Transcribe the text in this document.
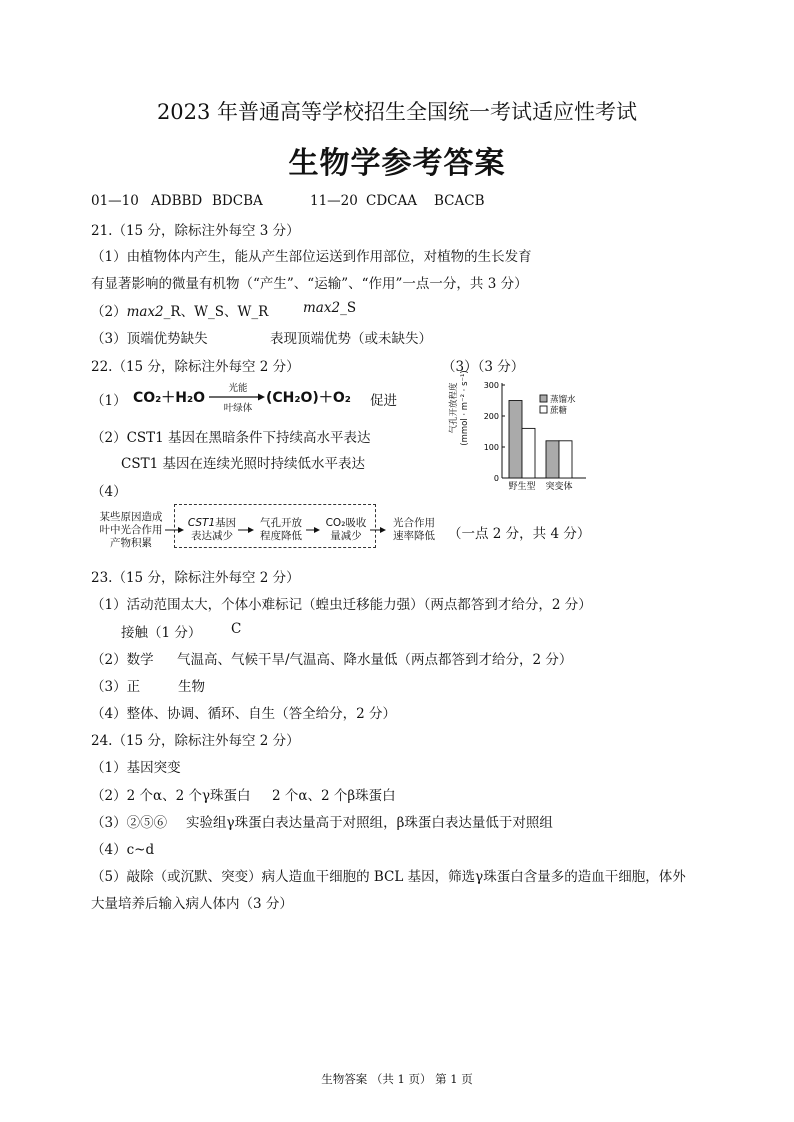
2023 年普通高等学校招生全国统一考试适应性考试
生物学参考答案
01—10 ADBBD BDCBA	11—20 CDCAA BCACB
21.（15 分，除标注外每空 3 分）
（1）由植物体内产生，能从产生部位运送到作用部位，对植物的生长发育
有显著影响的微量有机物（“产生”、“运输”、“作用”一点一分，共 3 分）
（2）max2_R、W_S、W_R	max2_S
（3）顶端优势缺失	表现顶端优势（或未缺失）
22.（15 分，除标注外每空 2 分）	（3）（3 分）
（1） CO₂＋H₂O
光能
叶绿体
(CH₂O)＋O₂ 促进
（2）CST1 基因在黑暗条件下持续高水平表达
CST1 基因在连续光照时持续低水平表达
（4）
0
100
200
300
野生型 突变体
蒸馏水
蔗糖
气孔开放程度 (mmol · m⁻² · s⁻¹)
某些原因造成
叶中光合作用
产物积累
CST1基因
表达减少
气孔开放
程度降低
CO₂吸收
量减少
光合作用
速率降低 （一点 2 分，共 4 分）
23.（15 分，除标注外每空 2 分）
（1）活动范围太大，个体小难标记（蝗虫迁移能力强）（两点都答到才给分，2 分）
接触（1 分） C
（2）数学 气温高、气候干旱/气温高、降水量低（两点都答到才给分，2 分）
（3）正	生物
（4）整体、协调、循环、自生（答全给分，2 分）
24.（15 分，除标注外每空 2 分）
（1）基因突变
（2）2 个α、2 个γ珠蛋白 2 个α、2 个β珠蛋白
（3）②⑤⑥ 实验组γ珠蛋白表达量高于对照组，β珠蛋白表达量低于对照组
（4）c~d
（5）敲除（或沉默、突变）病人造血干细胞的 BCL 基因，筛选γ珠蛋白含量多的造血干细胞，体外
大量培养后输入病人体内（3 分）
生物答案 （共 1 页） 第 1 页
